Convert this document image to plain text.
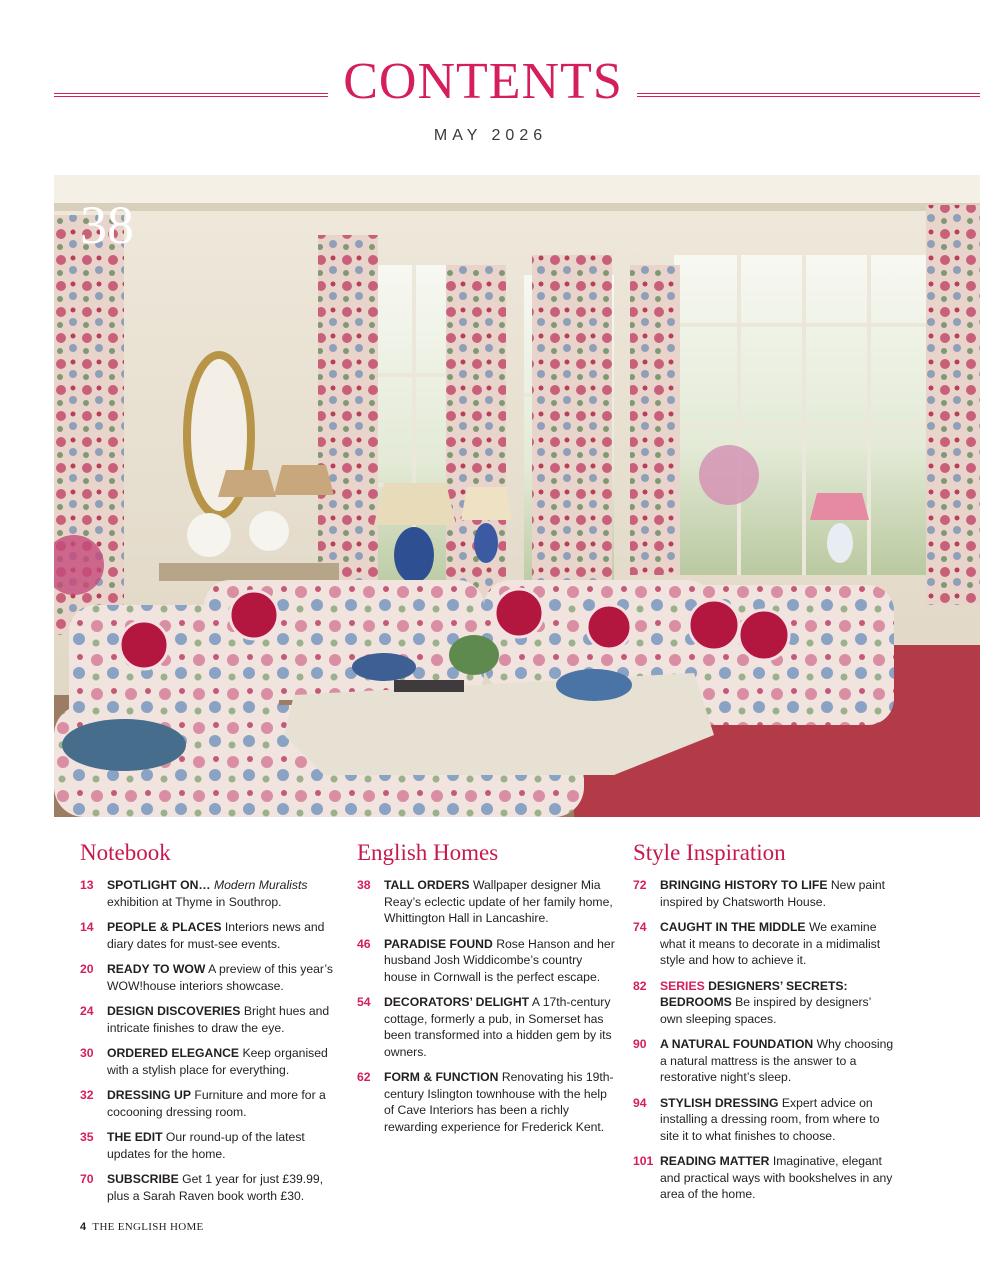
CONTENTS
MAY 2026
38
Notebook
13	SPOTLIGHT ON… Modern Muralists exhibition at Thyme in Southrop.
14	PEOPLE & PLACES Interiors news and diary dates for must-see events.
20	READY TO WOW A preview of this year’s WOW!house interiors showcase.
24	DESIGN DISCOVERIES Bright hues and intricate finishes to draw the eye.
30	ORDERED ELEGANCE Keep organised with a stylish place for everything.
32	DRESSING UP Furniture and more for a cocooning dressing room.
35	THE EDIT Our round-up of the latest updates for the home.
70	SUBSCRIBE Get 1 year for just £39.99, plus a Sarah Raven book worth £30.
English Homes
38	TALL ORDERS Wallpaper designer Mia Reay’s eclectic update of her family home, Whittington Hall in Lancashire.
46	PARADISE FOUND Rose Hanson and her husband Josh Widdicombe’s country house in Cornwall is the perfect escape.
54	DECORATORS’ DELIGHT A 17th-century cottage, formerly a pub, in Somerset has been transformed into a hidden gem by its owners.
62	FORM & FUNCTION Renovating his 19th-century Islington townhouse with the help of Cave Interiors has been a richly rewarding experience for Frederick Kent.
Style Inspiration
72	BRINGING HISTORY TO LIFE New paint inspired by Chatsworth House.
74	CAUGHT IN THE MIDDLE We examine what it means to decorate in a midimalist style and how to achieve it.
82	SERIES DESIGNERS’ SECRETS: BEDROOMS Be inspired by designers’ own sleeping spaces.
90	A NATURAL FOUNDATION Why choosing a natural mattress is the answer to a restorative night’s sleep.
94	STYLISH DRESSING Expert advice on installing a dressing room, from where to site it to what finishes to choose.
101 READING MATTER Imaginative, elegant and practical ways with bookshelves in any area of the home.
4 THE ENGLISH HOME
